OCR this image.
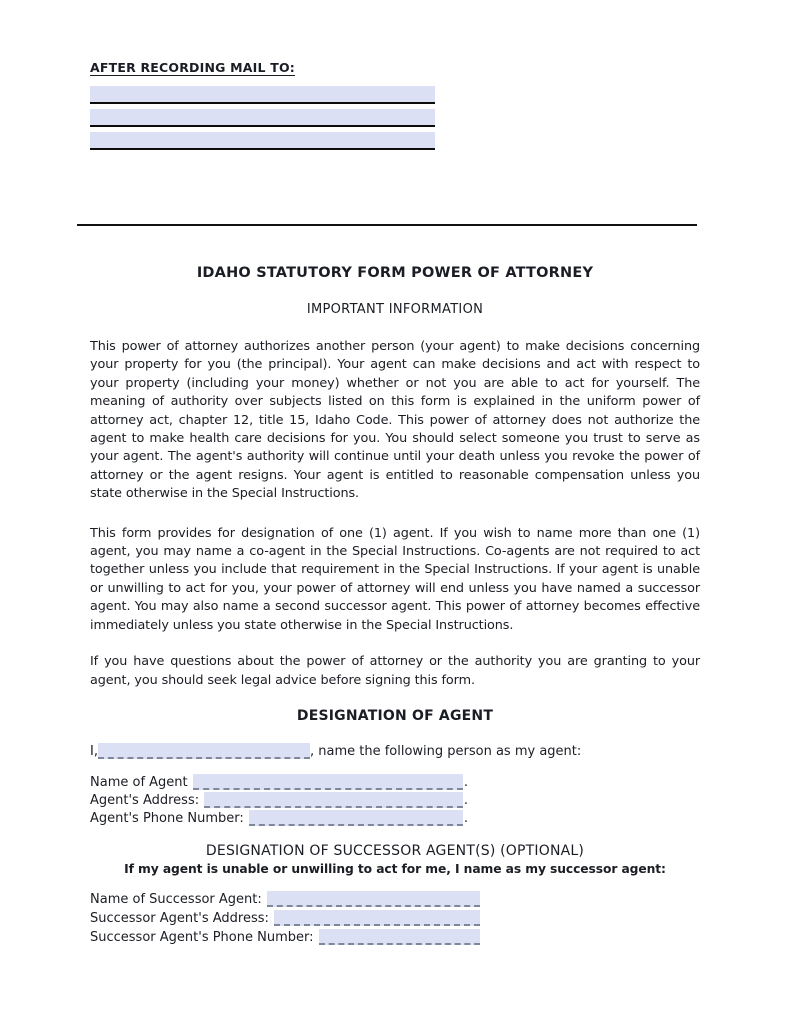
AFTER RECORDING MAIL TO:
IDAHO STATUTORY FORM POWER OF ATTORNEY
IMPORTANT INFORMATION
This power of attorney authorizes another person (your agent) to make decisions concerning your property for you (the principal). Your agent can make decisions and act with respect to your property (including your money) whether or not you are able to act for yourself. The meaning of authority over subjects listed on this form is explained in the uniform power of attorney act, chapter 12, title 15, Idaho Code. This power of attorney does not authorize the agent to make health care decisions for you. You should select someone you trust to serve as your agent. The agent's authority will continue until your death unless you revoke the power of attorney or the agent resigns. Your agent is entitled to reasonable compensation unless you state otherwise in the Special Instructions.
This form provides for designation of one (1) agent. If you wish to name more than one (1) agent, you may name a co-agent in the Special Instructions. Co-agents are not required to act together unless you include that requirement in the Special Instructions. If your agent is unable or unwilling to act for you, your power of attorney will end unless you have named a successor agent. You may also name a second successor agent. This power of attorney becomes effective immediately unless you state otherwise in the Special Instructions.
If you have questions about the power of attorney or the authority you are granting to your agent, you should seek legal advice before signing this form.
DESIGNATION OF AGENT
I,	, name the following person as my agent:
Name of Agent	.
Agent's Address:	.
Agent's Phone Number:	.
DESIGNATION OF SUCCESSOR AGENT(S) (OPTIONAL)
If my agent is unable or unwilling to act for me, I name as my successor agent:
Name of Successor Agent:
Successor Agent's Address:
Successor Agent's Phone Number:
